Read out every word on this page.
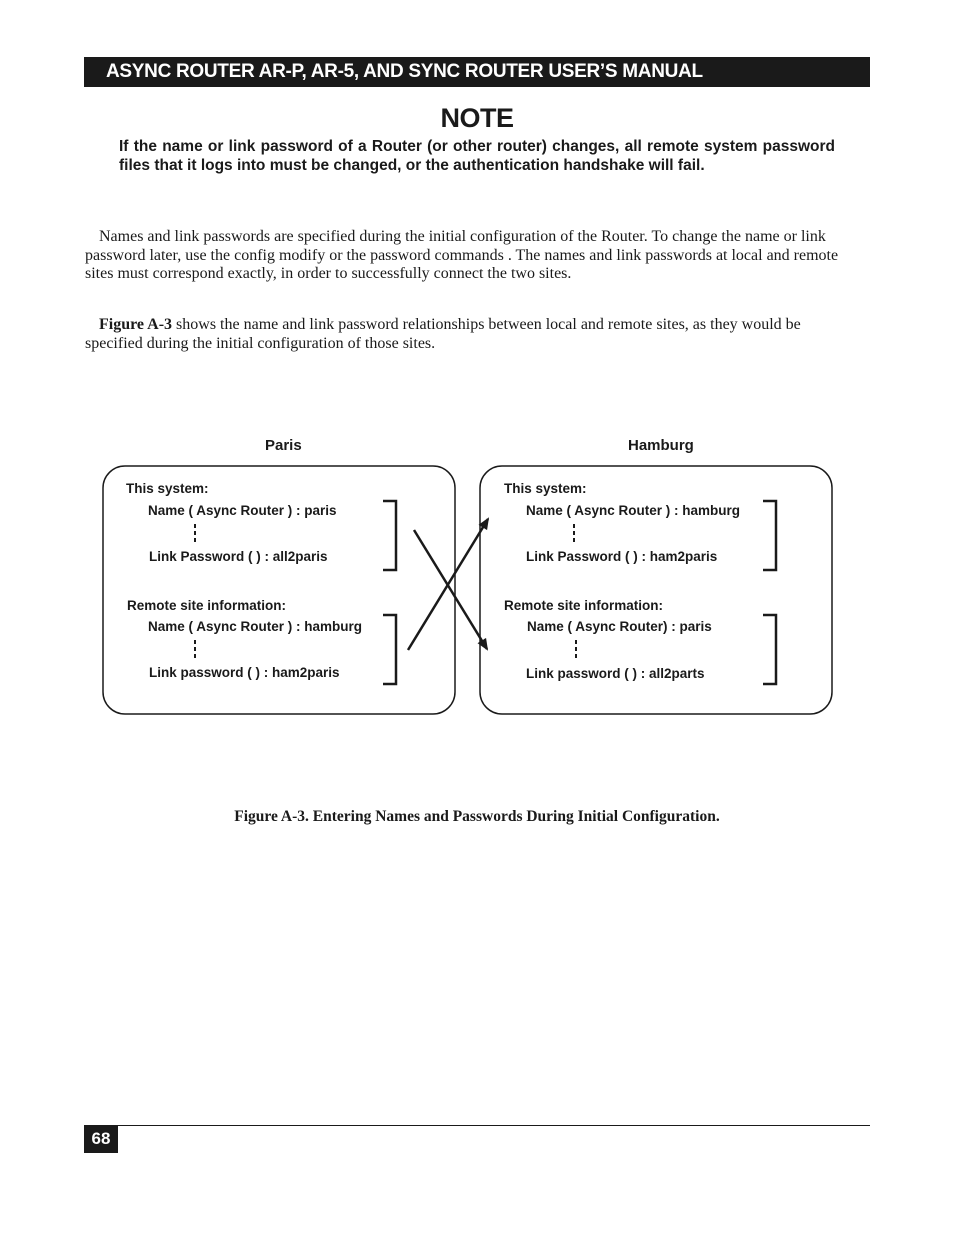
ASYNC ROUTER AR-P, AR-5, AND SYNC ROUTER USER’S MANUAL
NOTE
If the name or link password of a Router (or other router) changes, all remote system password files that it logs into must be changed, or the authentication handshake will fail.

Names and link passwords are specified during the initial configuration of the Router. To change the name or link password later, use the config modify or the password commands . The names and link passwords at local and remote sites must correspond exactly, in order to successfully connect the two sites.

Figure A-3 shows the name and link password relationships between local and remote sites, as they would be specified during the initial configuration of those sites.

Paris
This system:
Name ( Async Router ) : paris
Link Password ( ) : all2paris
Remote site information:
Name ( Async Router ) : hamburg
Link password ( ) : ham2paris
Hamburg
This system:
Name ( Async Router ) : hamburg
Link Password ( ) : ham2paris
Remote site information:
Name ( Async Router) : paris
Link password ( ) : all2parts
Figure A-3. Entering Names and Passwords During Initial Configuration.
68
